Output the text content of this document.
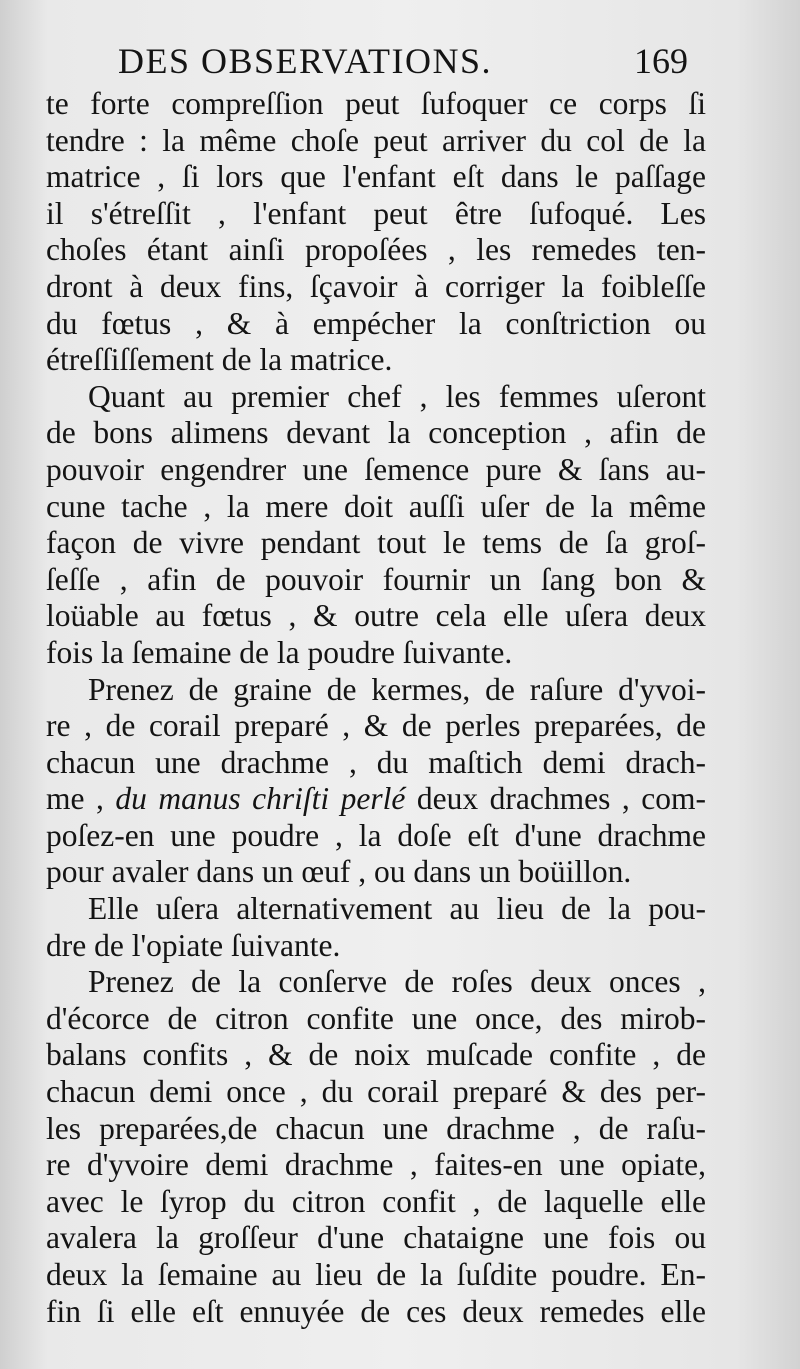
DES OBSERVATIONS.	169
te forte compreſſion peut ſufoquer ce corps ſi
tendre : la même choſe peut arriver du col de la
matrice , ſi lors que l'enfant eſt dans le paſſage
il s'étreſſit , l'enfant peut être ſufoqué. Les
choſes étant ainſi propoſées , les remedes ten-
dront à deux fins, ſçavoir à corriger la foibleſſe
du fœtus , & à empécher la conſtriction ou
étreſſiſſement de la matrice.
Quant au premier chef , les femmes uſeront
de bons alimens devant la conception , afin de
pouvoir engendrer une ſemence pure & ſans au-
cune tache , la mere doit auſſi uſer de la même
façon de vivre pendant tout le tems de ſa groſ-
ſeſſe , afin de pouvoir fournir un ſang bon &
loüable au fœtus , & outre cela elle uſera deux
fois la ſemaine de la poudre ſuivante.
Prenez de graine de kermes, de raſure d'yvoi-
re , de corail preparé , & de perles preparées, de
chacun une drachme , du maſtich demi drach-
me , du manus chriſti perlé deux drachmes , com-
poſez-en une poudre , la doſe eſt d'une drachme
pour avaler dans un œuf , ou dans un boüillon.
Elle uſera alternativement au lieu de la pou-
dre de l'opiate ſuivante.
Prenez de la conſerve de roſes deux onces ,
d'écorce de citron confite une once, des mirob-
balans confits , & de noix muſcade confite , de
chacun demi once , du corail preparé & des per-
les preparées,de chacun une drachme , de raſu-
re d'yvoire demi drachme , faites-en une opiate,
avec le ſyrop du citron confit , de laquelle elle
avalera la groſſeur d'une chataigne une fois ou
deux la ſemaine au lieu de la ſuſdite poudre. En-
fin ſi elle eſt ennuyée de ces deux remedes elle
